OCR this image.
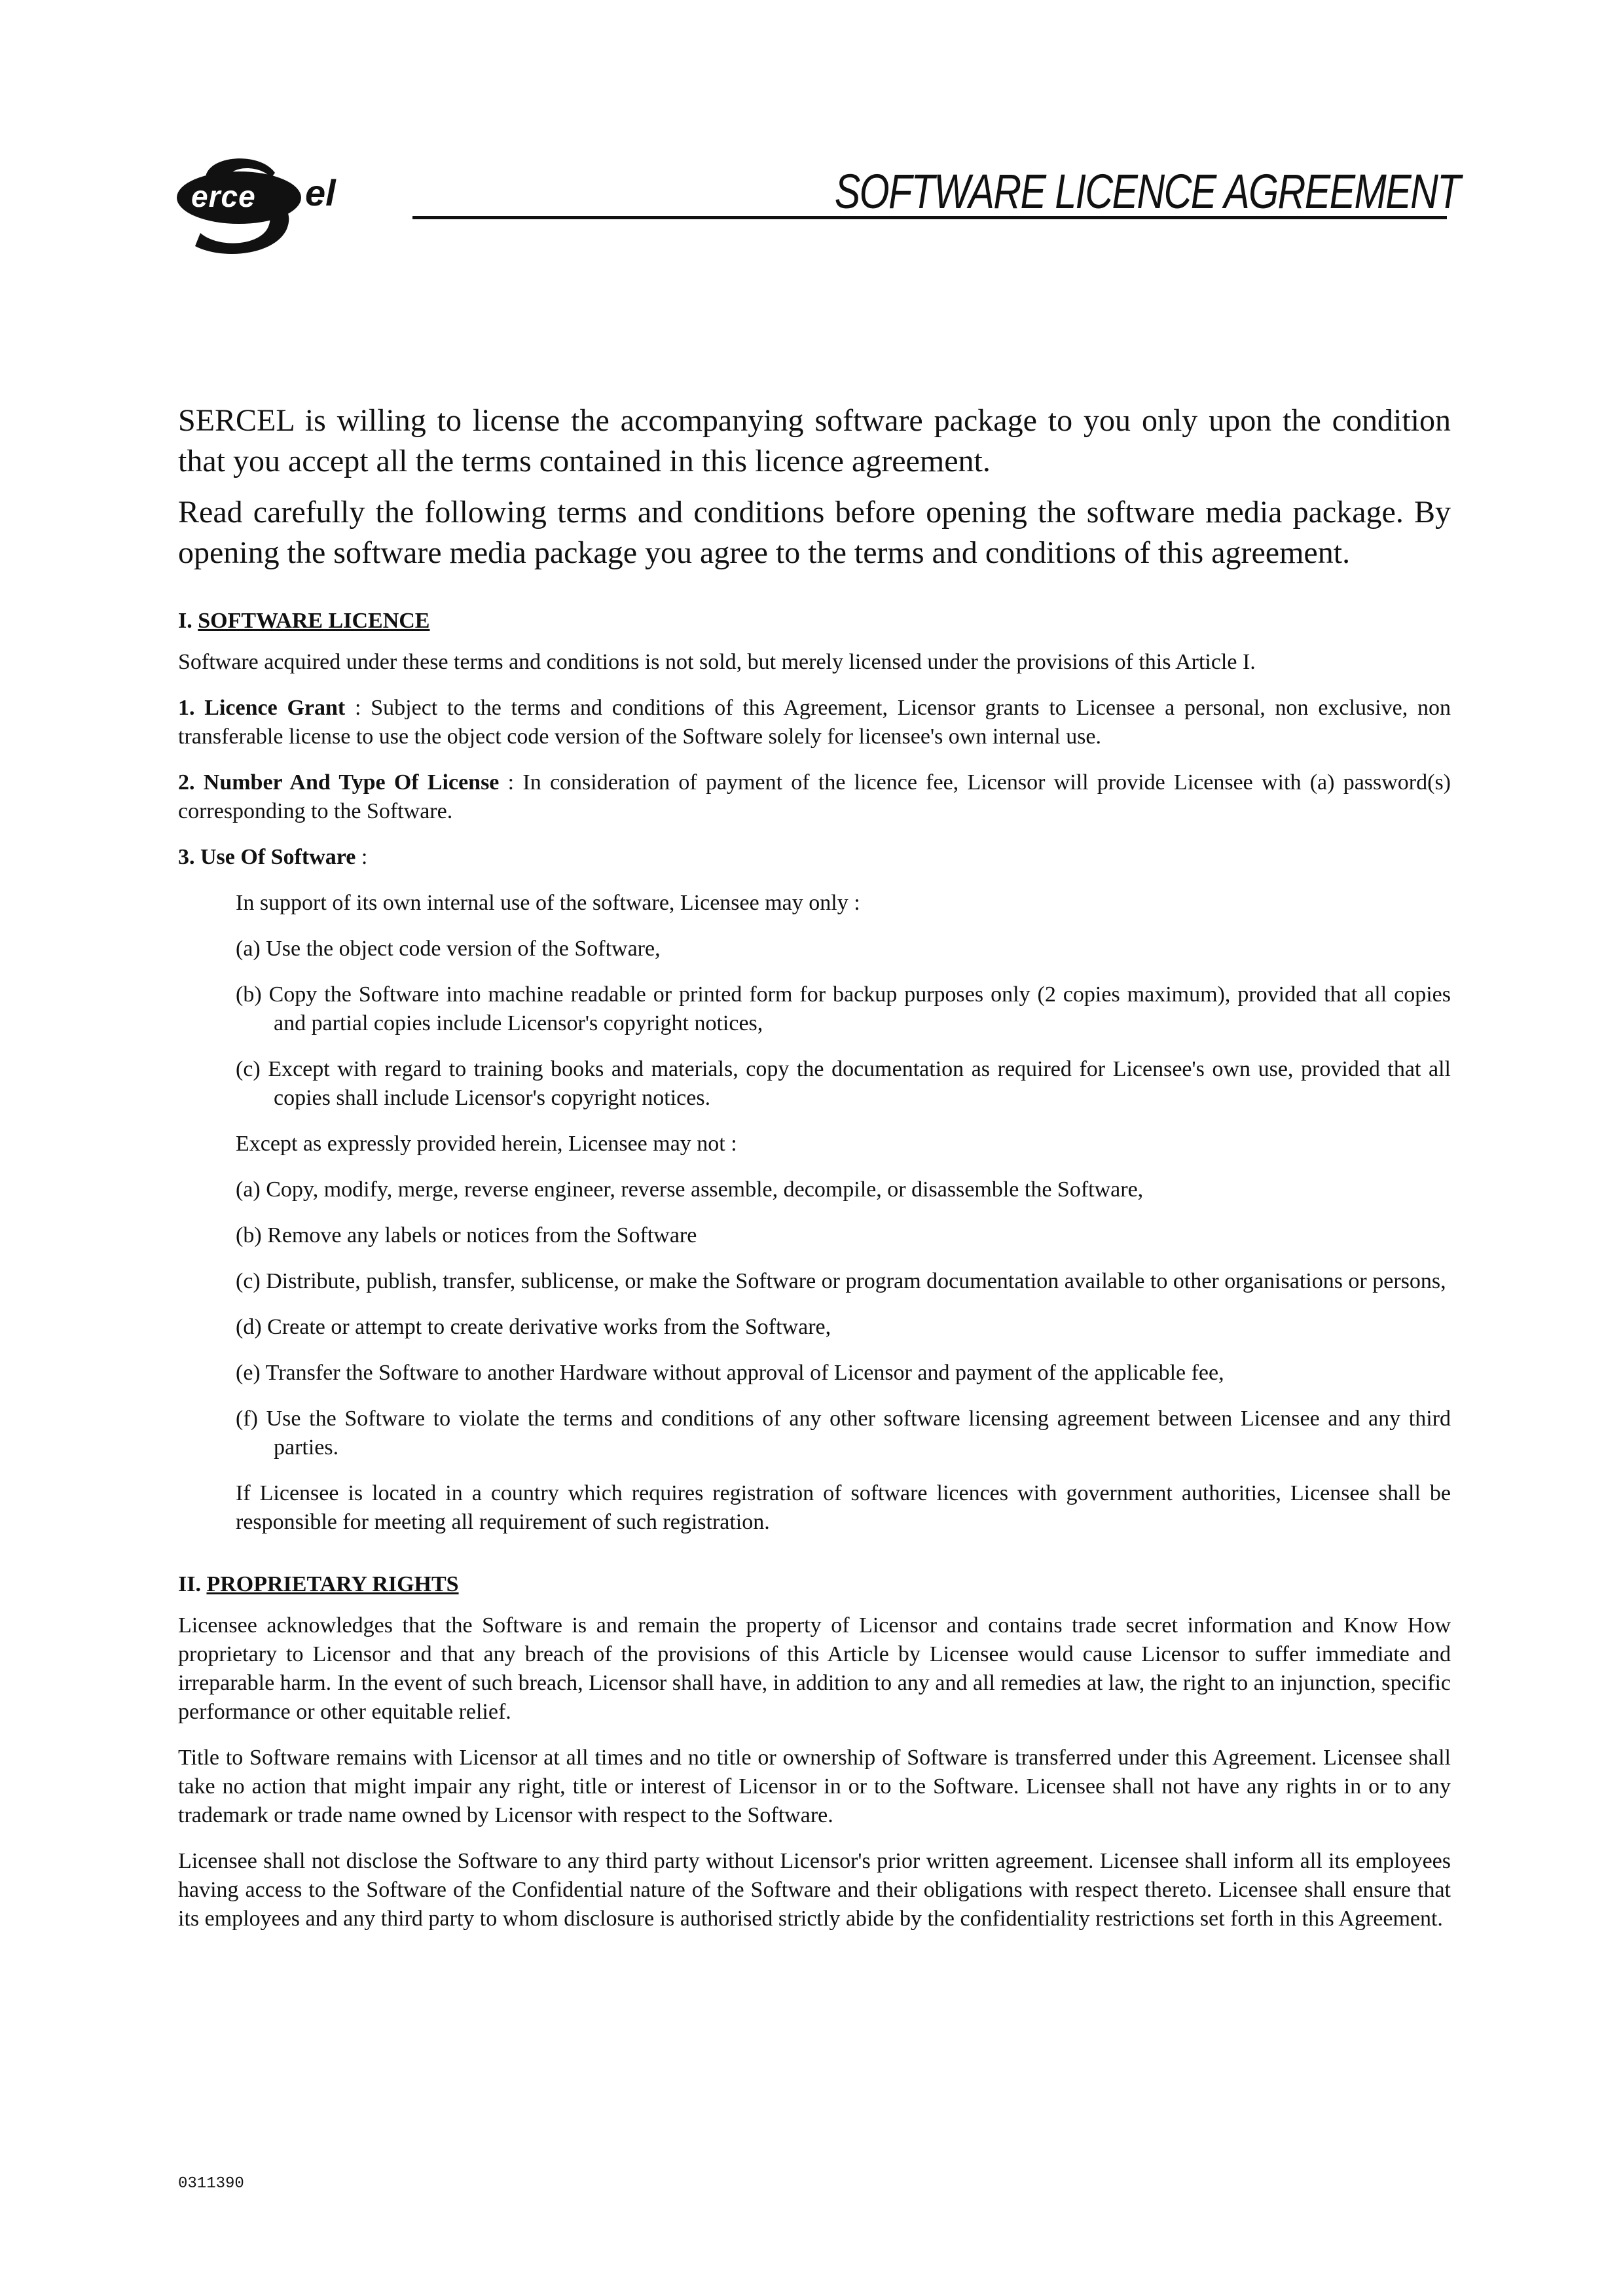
erce el	SOFTWARE LICENCE AGREEMENT

SERCEL is willing to license the accompanying software package to you only upon the condition that you accept all the terms contained in this licence agreement.

Read carefully the following terms and conditions before opening the software media package. By opening the software media package you agree to the terms and conditions of this agreement.

I. SOFTWARE LICENCE

Software acquired under these terms and conditions is not sold, but merely licensed under the provisions of this Article I.

1. Licence Grant : Subject to the terms and conditions of this Agreement, Licensor grants to Licensee a personal, non exclusive, non transferable license to use the object code version of the Software solely for licensee's own internal use.

2. Number And Type Of License : In consideration of payment of the licence fee, Licensor will provide Licensee with (a) password(s) corresponding to the Software.

3. Use Of Software :

In support of its own internal use of the software, Licensee may only :

(a) Use the object code version of the Software,

(b) Copy the Software into machine readable or printed form for backup purposes only (2 copies maximum), provided that all copies and partial copies include Licensor's copyright notices,

(c) Except with regard to training books and materials, copy the documentation as required for Licensee's own use, provided that all copies shall include Licensor's copyright notices.

Except as expressly provided herein, Licensee may not :

(a) Copy, modify, merge, reverse engineer, reverse assemble, decompile, or disassemble the Software,

(b) Remove any labels or notices from the Software

(c) Distribute, publish, transfer, sublicense, or make the Software or program documentation available to other organisations or persons,

(d) Create or attempt to create derivative works from the Software,

(e) Transfer the Software to another Hardware without approval of Licensor and payment of the applicable fee,

(f) Use the Software to violate the terms and conditions of any other software licensing agreement between Licensee and any third parties.

If Licensee is located in a country which requires registration of software licences with government authorities, Licensee shall be responsible for meeting all requirement of such registration.

II. PROPRIETARY RIGHTS

Licensee acknowledges that the Software is and remain the property of Licensor and contains trade secret information and Know How proprietary to Licensor and that any breach of the provisions of this Article by Licensee would cause Licensor to suffer immediate and irreparable harm. In the event of such breach, Licensor shall have, in addition to any and all remedies at law, the right to an injunction, specific performance or other equitable relief.

Title to Software remains with Licensor at all times and no title or ownership of Software is transferred under this Agreement. Licensee shall take no action that might impair any right, title or interest of Licensor in or to the Software. Licensee shall not have any rights in or to any trademark or trade name owned by Licensor with respect to the Software.

Licensee shall not disclose the Software to any third party without Licensor's prior written agreement. Licensee shall inform all its employees having access to the Software of the Confidential nature of the Software and their obligations with respect thereto. Licensee shall ensure that its employees and any third party to whom disclosure is authorised strictly abide by the confidentiality restrictions set forth in this Agreement.

0311390
